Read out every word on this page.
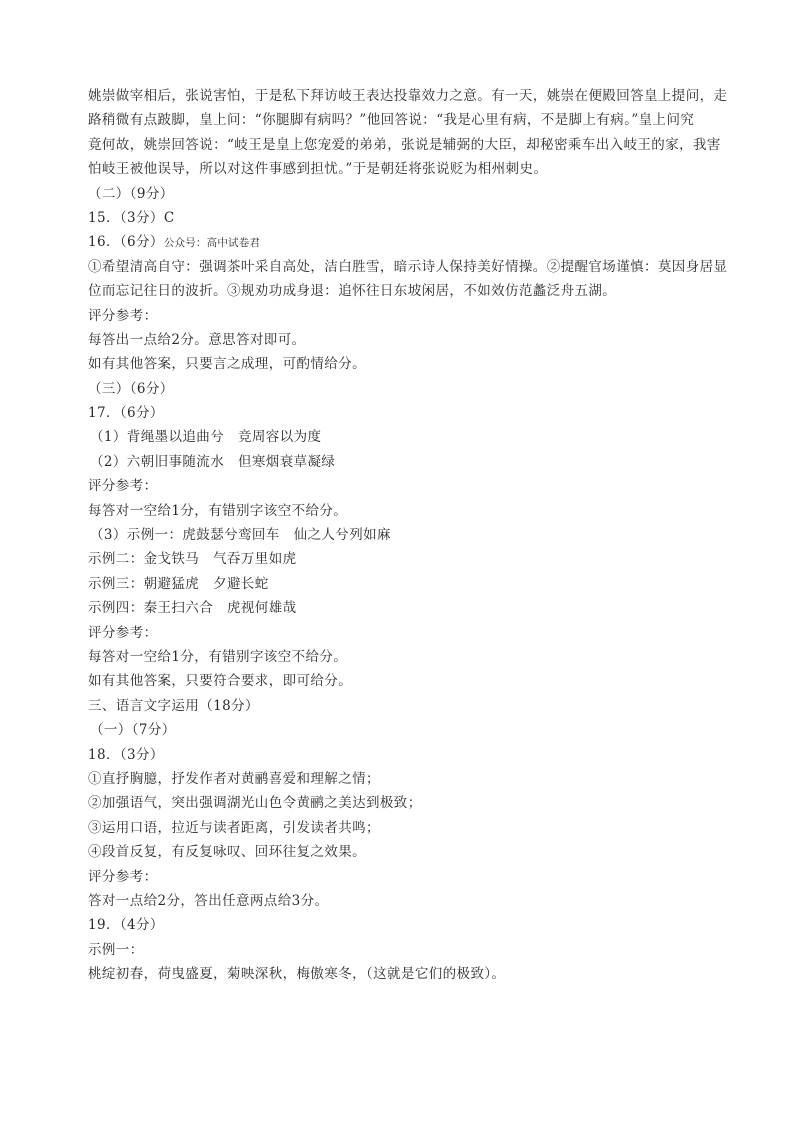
姚崇做宰相后，张说害怕，于是私下拜访岐王表达投靠效力之意。有一天，姚崇在便殿回答皇上提问，走
路稍微有点跛脚，皇上问：“你腿脚有病吗？”他回答说：“我是心里有病，不是脚上有病。”皇上问究
竟何故，姚崇回答说：“岐王是皇上您宠爱的弟弟，张说是辅弼的大臣，却秘密乘车出入岐王的家，我害
怕岐王被他误导，所以对这件事感到担忧。”于是朝廷将张说贬为相州刺史。
（二）（9分）
15．（3分）C
16．（6分）公众号：高中试卷君
①希望清高自守：强调茶叶采自高处，洁白胜雪，暗示诗人保持美好情操。②提醒官场谨慎：莫因身居显
位而忘记往日的波折。③规劝功成身退：追怀往日东坡闲居，不如效仿范蠡泛舟五湖。
评分参考：
每答出一点给2分。意思答对即可。
如有其他答案，只要言之成理，可酌情给分。
（三）（6分）
17．（6分）
（1）背绳墨以追曲兮　竞周容以为度
（2）六朝旧事随流水　但寒烟衰草凝绿
评分参考：
每答对一空给1分，有错别字该空不给分。
（3）示例一：虎鼓瑟兮鸾回车　仙之人兮列如麻
示例二：金戈铁马　气吞万里如虎
示例三：朝避猛虎　夕避长蛇
示例四：秦王扫六合　虎视何雄哉
评分参考：
每答对一空给1分，有错别字该空不给分。
如有其他答案，只要符合要求，即可给分。
三、语言文字运用（18分）
（一）（7分）
18．（3分）
①直抒胸臆，抒发作者对黄鹂喜爱和理解之情；
②加强语气，突出强调湖光山色令黄鹂之美达到极致；
③运用口语，拉近与读者距离，引发读者共鸣；
④段首反复，有反复咏叹、回环往复之效果。
评分参考：
答对一点给2分，答出任意两点给3分。
19．（4分）
示例一：
桃绽初春，荷曳盛夏，菊映深秋，梅傲寒冬，（这就是它们的极致）。
